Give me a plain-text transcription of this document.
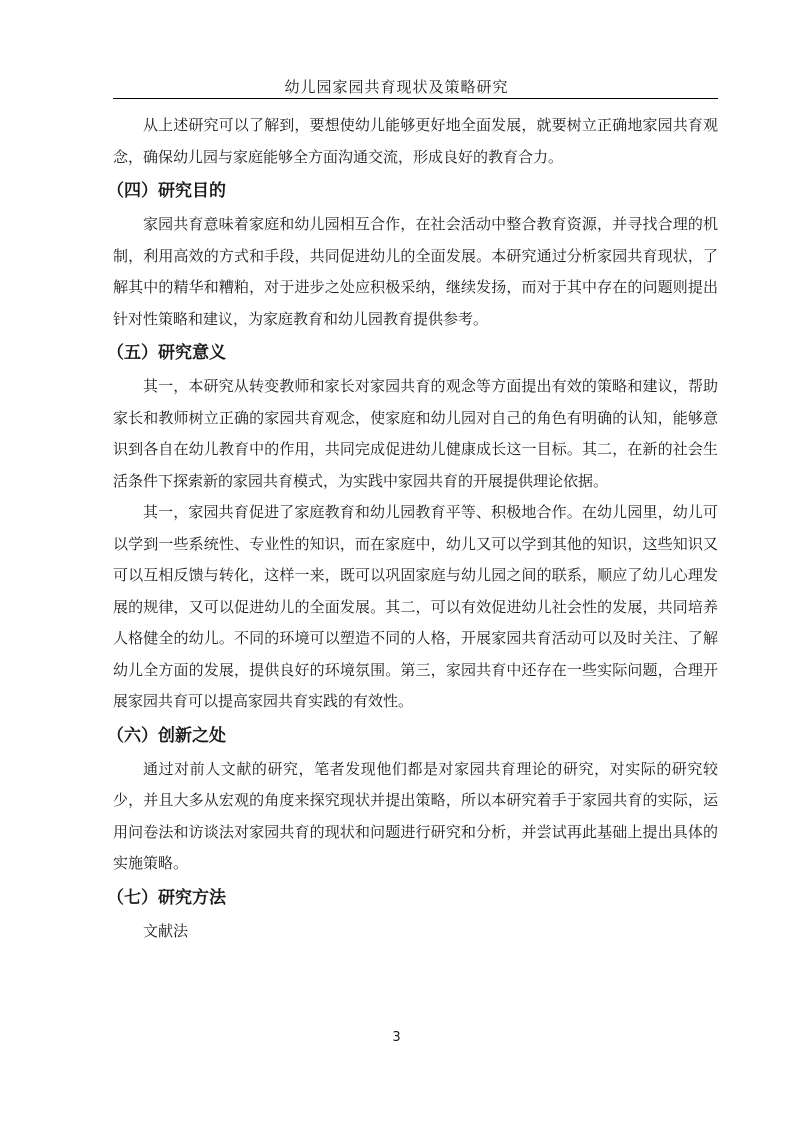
幼儿园家园共育现状及策略研究

从上述研究可以了解到，要想使幼儿能够更好地全面发展，就要树立正确地家园共育观念，确保幼儿园与家庭能够全方面沟通交流，形成良好的教育合力。

（四）研究目的

家园共育意味着家庭和幼儿园相互合作，在社会活动中整合教育资源，并寻找合理的机制，利用高效的方式和手段，共同促进幼儿的全面发展。本研究通过分析家园共育现状，了解其中的精华和糟粕，对于进步之处应积极采纳，继续发扬，而对于其中存在的问题则提出针对性策略和建议，为家庭教育和幼儿园教育提供参考。

（五）研究意义

其一，本研究从转变教师和家长对家园共育的观念等方面提出有效的策略和建议，帮助家长和教师树立正确的家园共育观念，使家庭和幼儿园对自己的角色有明确的认知，能够意识到各自在幼儿教育中的作用，共同完成促进幼儿健康成长这一目标。其二，在新的社会生活条件下探索新的家园共育模式，为实践中家园共育的开展提供理论依据。

其一，家园共育促进了家庭教育和幼儿园教育平等、积极地合作。在幼儿园里，幼儿可以学到一些系统性、专业性的知识，而在家庭中，幼儿又可以学到其他的知识，这些知识又可以互相反馈与转化，这样一来，既可以巩固家庭与幼儿园之间的联系，顺应了幼儿心理发展的规律，又可以促进幼儿的全面发展。其二，可以有效促进幼儿社会性的发展，共同培养人格健全的幼儿。不同的环境可以塑造不同的人格，开展家园共育活动可以及时关注、了解幼儿全方面的发展，提供良好的环境氛围。第三，家园共育中还存在一些实际问题，合理开展家园共育可以提高家园共育实践的有效性。

（六）创新之处

通过对前人文献的研究，笔者发现他们都是对家园共育理论的研究，对实际的研究较少，并且大多从宏观的角度来探究现状并提出策略，所以本研究着手于家园共育的实际，运用问卷法和访谈法对家园共育的现状和问题进行研究和分析，并尝试再此基础上提出具体的实施策略。

（七）研究方法

文献法

3
